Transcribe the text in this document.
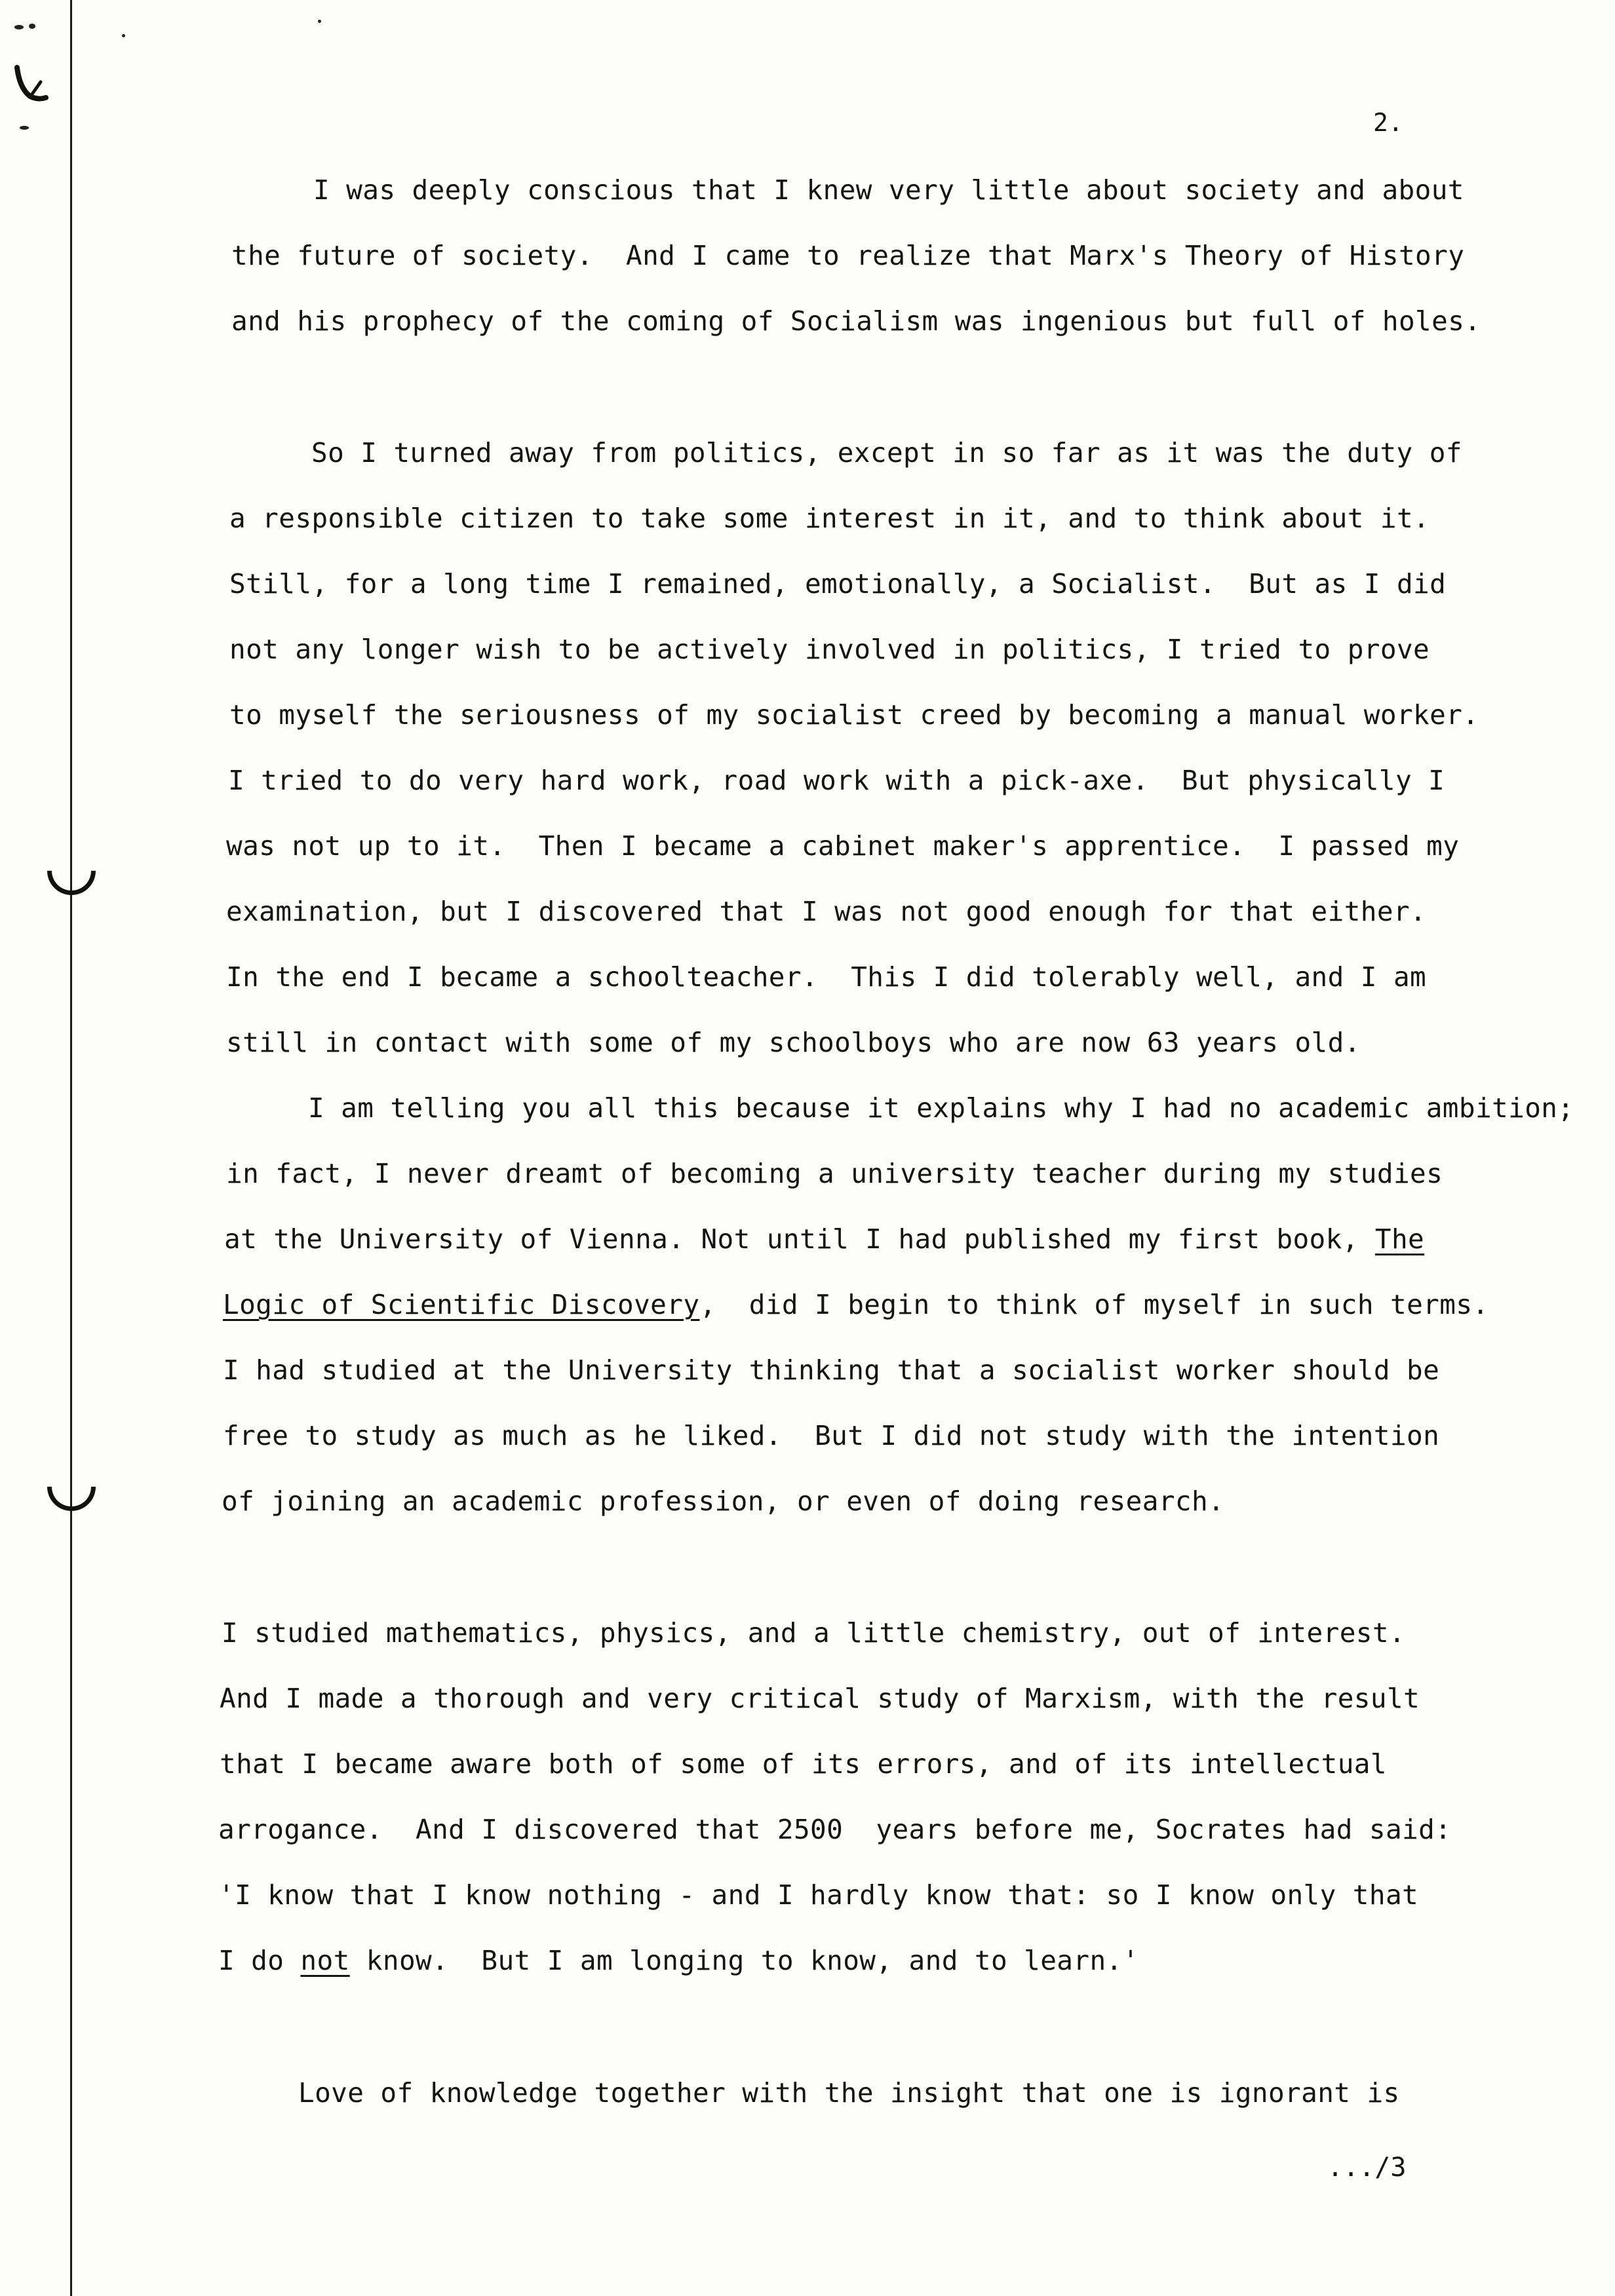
2.
I was deeply conscious that I knew very little about society and about
the future of society.  And I came to realize that Marx's Theory of History
and his prophecy of the coming of Socialism was ingenious but full of holes.
So I turned away from politics, except in so far as it was the duty of
a responsible citizen to take some interest in it, and to think about it.
Still, for a long time I remained, emotionally, a Socialist.  But as I did
not any longer wish to be actively involved in politics, I tried to prove
to myself the seriousness of my socialist creed by becoming a manual worker.
I tried to do very hard work, road work with a pick-axe.  But physically I
was not up to it.  Then I became a cabinet maker's apprentice.  I passed my
examination, but I discovered that I was not good enough for that either.
In the end I became a schoolteacher.  This I did tolerably well, and I am
still in contact with some of my schoolboys who are now 63 years old.
I am telling you all this because it explains why I had no academic ambition;
in fact, I never dreamt of becoming a university teacher during my studies
at the University of Vienna. Not until I had published my first book, The
Logic of Scientific Discovery,  did I begin to think of myself in such terms.
I had studied at the University thinking that a socialist worker should be
free to study as much as he liked.  But I did not study with the intention
of joining an academic profession, or even of doing research.
I studied mathematics, physics, and a little chemistry, out of interest.
And I made a thorough and very critical study of Marxism, with the result
that I became aware both of some of its errors, and of its intellectual
arrogance.  And I discovered that 2500  years before me, Socrates had said:
'I know that I know nothing - and I hardly know that: so I know only that
I do not know.  But I am longing to know, and to learn.'
Love of knowledge together with the insight that one is ignorant is
.../3
